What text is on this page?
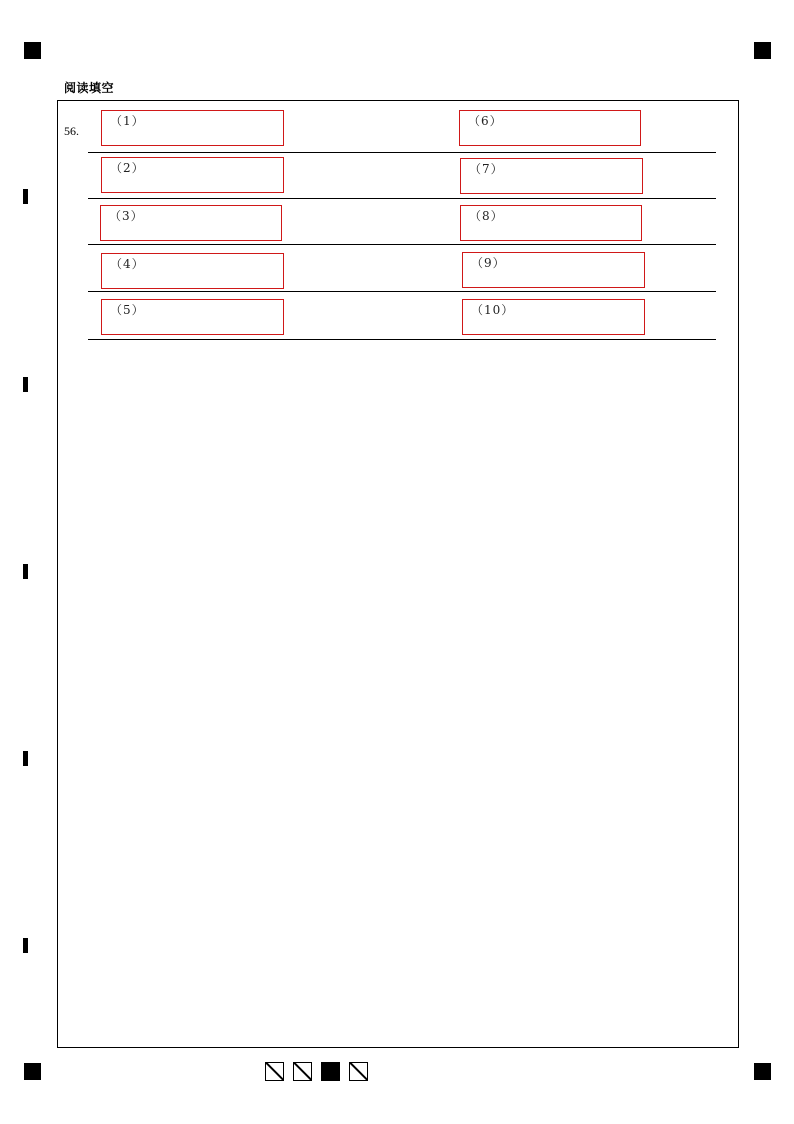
阅读填空
56.
（1）
（2）
（3）
（4）
（5）
（6）
（7）
（8）
（9）
（10）
